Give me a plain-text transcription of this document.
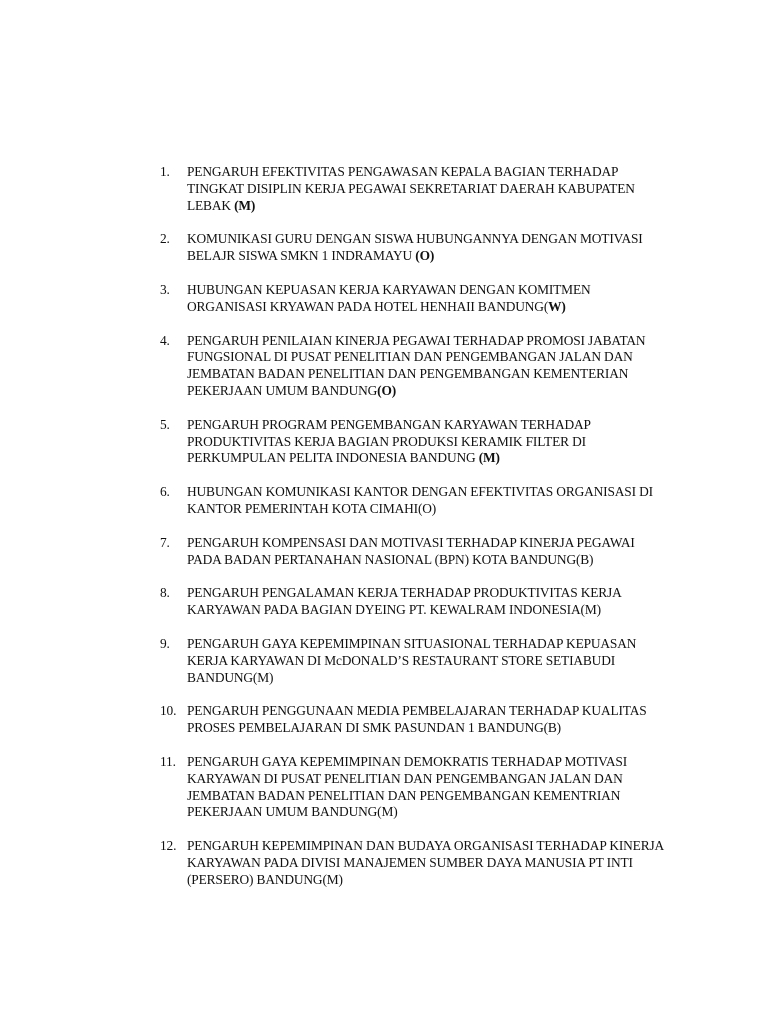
1.	PENGARUH EFEKTIVITAS PENGAWASAN KEPALA BAGIAN TERHADAP TINGKAT DISIPLIN KERJA PEGAWAI SEKRETARIAT DAERAH KABUPATEN LEBAK (M)
2.	KOMUNIKASI GURU DENGAN SISWA HUBUNGANNYA DENGAN MOTIVASI BELAJR SISWA SMKN 1 INDRAMAYU (O)
3.	HUBUNGAN KEPUASAN KERJA KARYAWAN DENGAN KOMITMEN ORGANISASI KRYAWAN PADA HOTEL HENHAII BANDUNG(W)
4.	PENGARUH PENILAIAN KINERJA PEGAWAI TERHADAP PROMOSI JABATAN FUNGSIONAL DI PUSAT PENELITIAN DAN PENGEMBANGAN JALAN DAN JEMBATAN BADAN PENELITIAN DAN PENGEMBANGAN KEMENTERIAN PEKERJAAN UMUM BANDUNG(O)
5.	PENGARUH PROGRAM PENGEMBANGAN KARYAWAN TERHADAP PRODUKTIVITAS KERJA BAGIAN PRODUKSI KERAMIK FILTER DI PERKUMPULAN PELITA INDONESIA BANDUNG (M)
6.	HUBUNGAN KOMUNIKASI KANTOR DENGAN EFEKTIVITAS ORGANISASI DI KANTOR PEMERINTAH KOTA CIMAHI(O)
7.	PENGARUH KOMPENSASI DAN MOTIVASI TERHADAP KINERJA PEGAWAI PADA BADAN PERTANAHAN NASIONAL (BPN) KOTA BANDUNG(B)
8.	PENGARUH PENGALAMAN KERJA TERHADAP PRODUKTIVITAS KERJA KARYAWAN PADA BAGIAN DYEING PT. KEWALRAM INDONESIA(M)
9.	PENGARUH GAYA KEPEMIMPINAN SITUASIONAL TERHADAP KEPUASAN KERJA KARYAWAN DI McDONALD’S RESTAURANT STORE SETIABUDI BANDUNG(M)
10. PENGARUH PENGGUNAAN MEDIA PEMBELAJARAN TERHADAP KUALITAS PROSES PEMBELAJARAN DI SMK PASUNDAN 1 BANDUNG(B)
11. PENGARUH GAYA KEPEMIMPINAN DEMOKRATIS TERHADAP MOTIVASI KARYAWAN DI PUSAT PENELITIAN DAN PENGEMBANGAN JALAN DAN JEMBATAN BADAN PENELITIAN DAN PENGEMBANGAN KEMENTRIAN PEKERJAAN UMUM BANDUNG(M)
12. PENGARUH KEPEMIMPINAN DAN BUDAYA ORGANISASI TERHADAP KINERJA KARYAWAN PADA DIVISI MANAJEMEN SUMBER DAYA MANUSIA PT INTI (PERSERO) BANDUNG(M)
